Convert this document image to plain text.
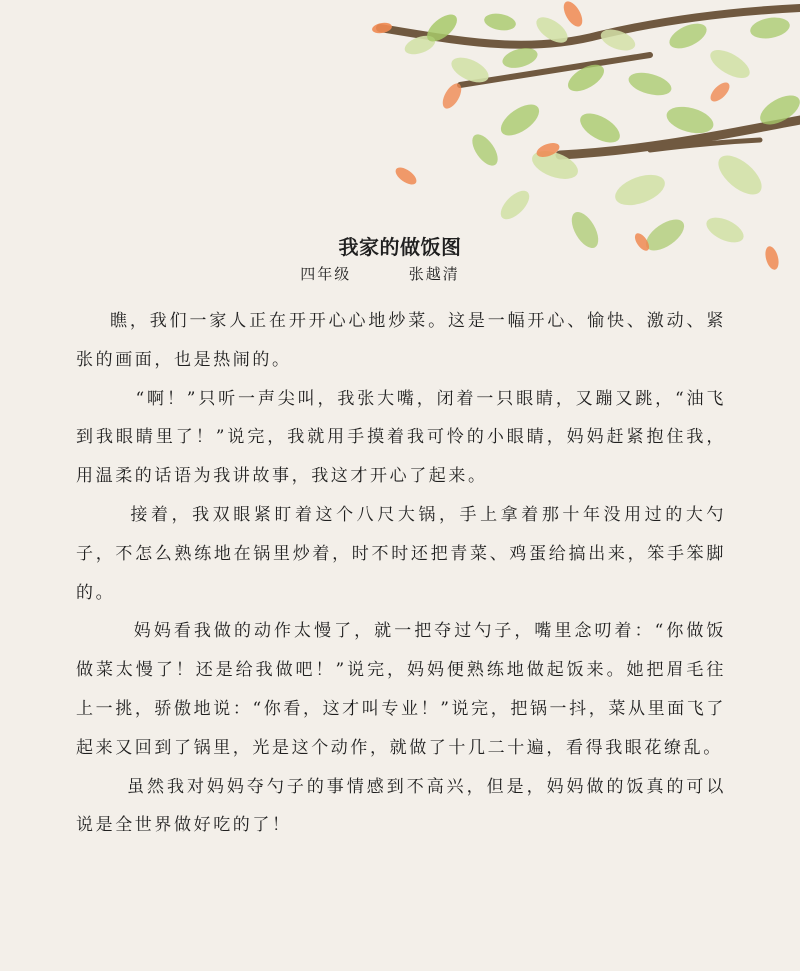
我家的做饭图
四年级	张越清

瞧，我们一家人正在开开心心地炒菜。这是一幅开心、愉快、激动、紧张的画面，也是热闹的。

“啊！”只听一声尖叫，我张大嘴，闭着一只眼睛，又蹦又跳，“油飞到我眼睛里了！”说完，我就用手摸着我可怜的小眼睛，妈妈赶紧抱住我，用温柔的话语为我讲故事，我这才开心了起来。

接着，我双眼紧盯着这个八尺大锅，手上拿着那十年没用过的大勺子，不怎么熟练地在锅里炒着，时不时还把青菜、鸡蛋给搞出来，笨手笨脚的。

妈妈看我做的动作太慢了，就一把夺过勺子，嘴里念叨着：“你做饭做菜太慢了！还是给我做吧！”说完，妈妈便熟练地做起饭来。她把眉毛往上一挑，骄傲地说：“你看，这才叫专业！”说完，把锅一抖，菜从里面飞了起来又回到了锅里，光是这个动作，就做了十几二十遍，看得我眼花缭乱。

虽然我对妈妈夺勺子的事情感到不高兴，但是，妈妈做的饭真的可以说是全世界做好吃的了！
